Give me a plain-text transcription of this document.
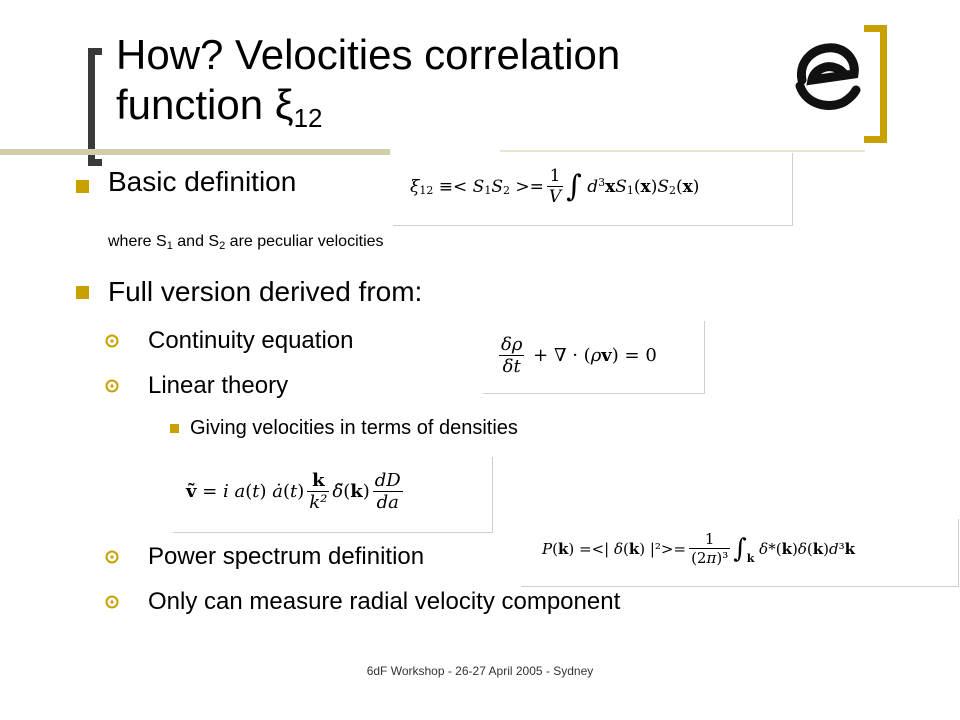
How? Velocities correlation function $\xi_{12}$
Basic definition	ξ 12 ≡< S 1 S $2 >= \frac{1}{V}$ ∫
d 3 x S 1 ( x ) S 2 ( x )
where $S_1$ and $S_2$ are peculiar velocities
Full version derived from:
Continuity equation	$\frac{\delta\rho}{\delta t}$ + ∇ · ( ρ v ) = 0
Linear theory
Giving velocities in terms of densities
ṽ = i a ( t ) ȧ ( t ) $\frac{k}{\text{k²}}$ δ̃ ( k ) $\frac{dD}{da}$
Power spectrum definition	P ( k ) =<| δ ( k ) $|^2>= \frac{1}{\text{(2π)³}}$ ∫ k

δ *( k ) δ ( k ) d ³ k
Only can measure radial velocity component
6dF Workshop - 26-27 April 2005 - Sydney
